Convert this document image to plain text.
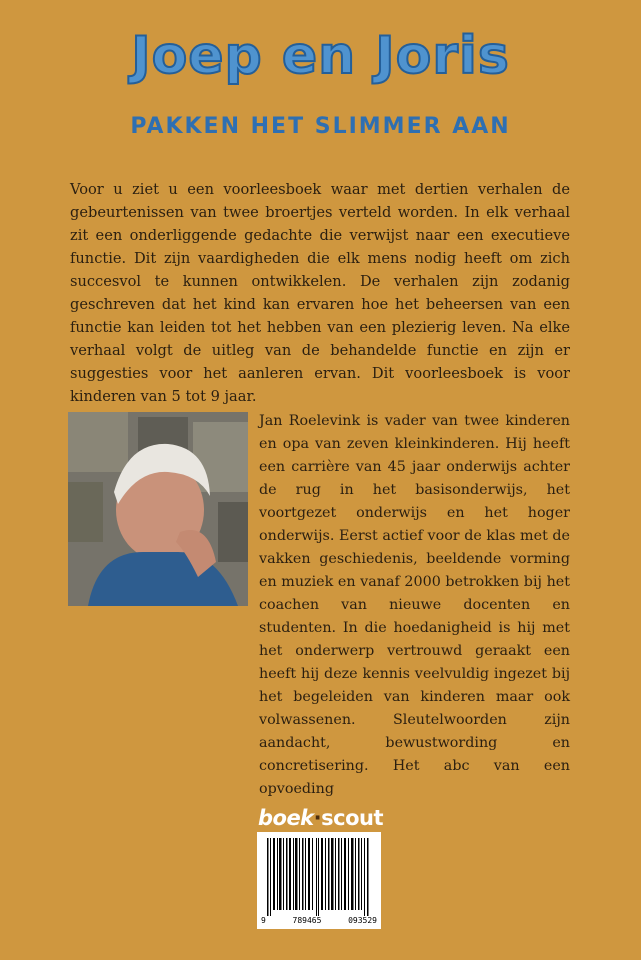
Joep en Joris
PAKKEN HET SLIMMER AAN
Voor u ziet u een voorleesboek waar met dertien verhalen de gebeurtenissen van twee broertjes verteld worden. In elk verhaal zit een onderliggende gedachte die verwijst naar een executieve functie. Dit zijn vaardigheden die elk mens nodig heeft om zich succesvol te kunnen ontwikkelen. De verhalen zijn zodanig geschreven dat het kind kan ervaren hoe het beheersen van een functie kan leiden tot het hebben van een plezierig leven. Na elke verhaal volgt de uitleg van de behandelde functie en zijn er suggesties voor het aanleren ervan. Dit voorleesboek is voor kinderen van 5 tot 9 jaar.
Jan Roelevink is vader van twee kinderen en opa van zeven kleinkinderen. Hij heeft een carrière van 45 jaar onderwijs achter de rug in het basisonderwijs, het voortgezet onderwijs en het hoger onderwijs. Eerst actief voor de klas met de vakken geschiedenis, beeldende vorming en muziek en vanaf 2000 betrokken bij het coachen van nieuwe docenten en studenten. In die hoedanigheid is hij met het onderwerp vertrouwd geraakt een heeft hij deze kennis veelvuldig ingezet bij het begeleiden van kinderen maar ook volwassenen. Sleutelwoorden zijn aandacht, bewustwording en concretisering. Het abc van een opvoeding
boek·scout
9	789465	093529
